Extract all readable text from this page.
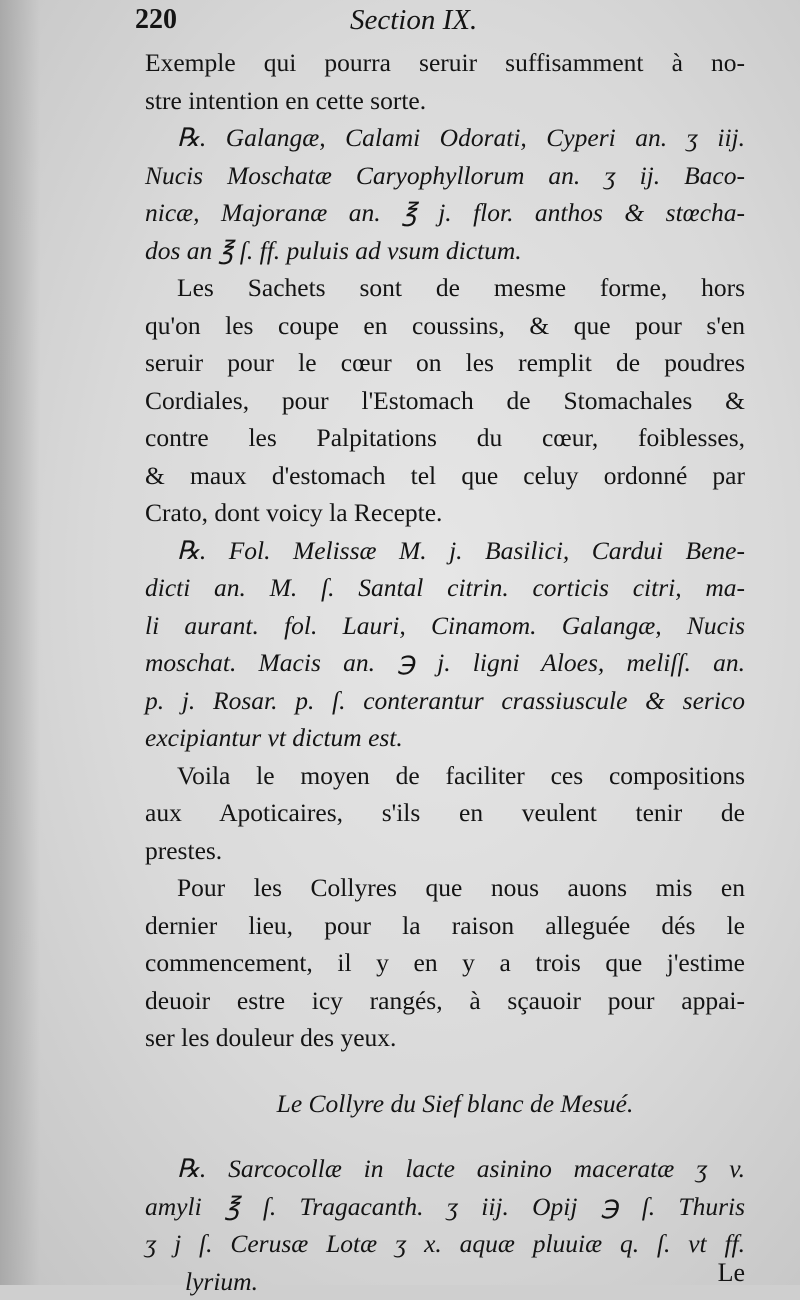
220	Section IX.
Exemple qui pourra seruir suffisamment à no-
stre intention en cette sorte.
℞. Galangæ, Calami Odorati, Cyperi an. ʒ iij.
Nucis Moschatæ Caryophyllorum an. ʒ ij. Baco-
nicæ, Majoranæ an. ℥ j. flor. anthos & stœcha-
dos an ℥ ſ. ff. puluis ad vsum dictum.
Les Sachets sont de mesme forme, hors
qu'on les coupe en coussins, & que pour s'en
seruir pour le cœur on les remplit de poudres
Cordiales, pour l'Estomach de Stomachales &
contre les Palpitations du cœur, foiblesses,
& maux d'estomach tel que celuy ordonné par
Crato, dont voicy la Recepte.
℞. Fol. Melissæ M. j. Basilici, Cardui Bene-
dicti an. M. ſ. Santal citrin. corticis citri, ma-
li aurant. fol. Lauri, Cinamom. Galangæ, Nucis
moschat. Macis an. ℈ j. ligni Aloes, meliſſ. an.
p. j. Rosar. p. ſ. conterantur crassiuscule & serico
excipiantur vt dictum est.
Voila le moyen de faciliter ces compositions
aux Apoticaires, s'ils en veulent tenir de
prestes.
Pour les Collyres que nous auons mis en
dernier lieu, pour la raison alleguée dés le
commencement, il y en y a trois que j'estime
deuoir estre icy rangés, à sçauoir pour appai-
ser les douleur des yeux.
Le Collyre du Sief blanc de Mesué.
℞. Sarcocollæ in lacte asinino maceratæ ʒ v.
amyli ℥ ſ. Tragacanth. ʒ iij. Opij ℈ ſ. Thuris
ʒ j ſ. Cerusæ Lotæ ʒ x. aquæ pluuiæ q. ſ. vt ff.
lyrium.	Le
